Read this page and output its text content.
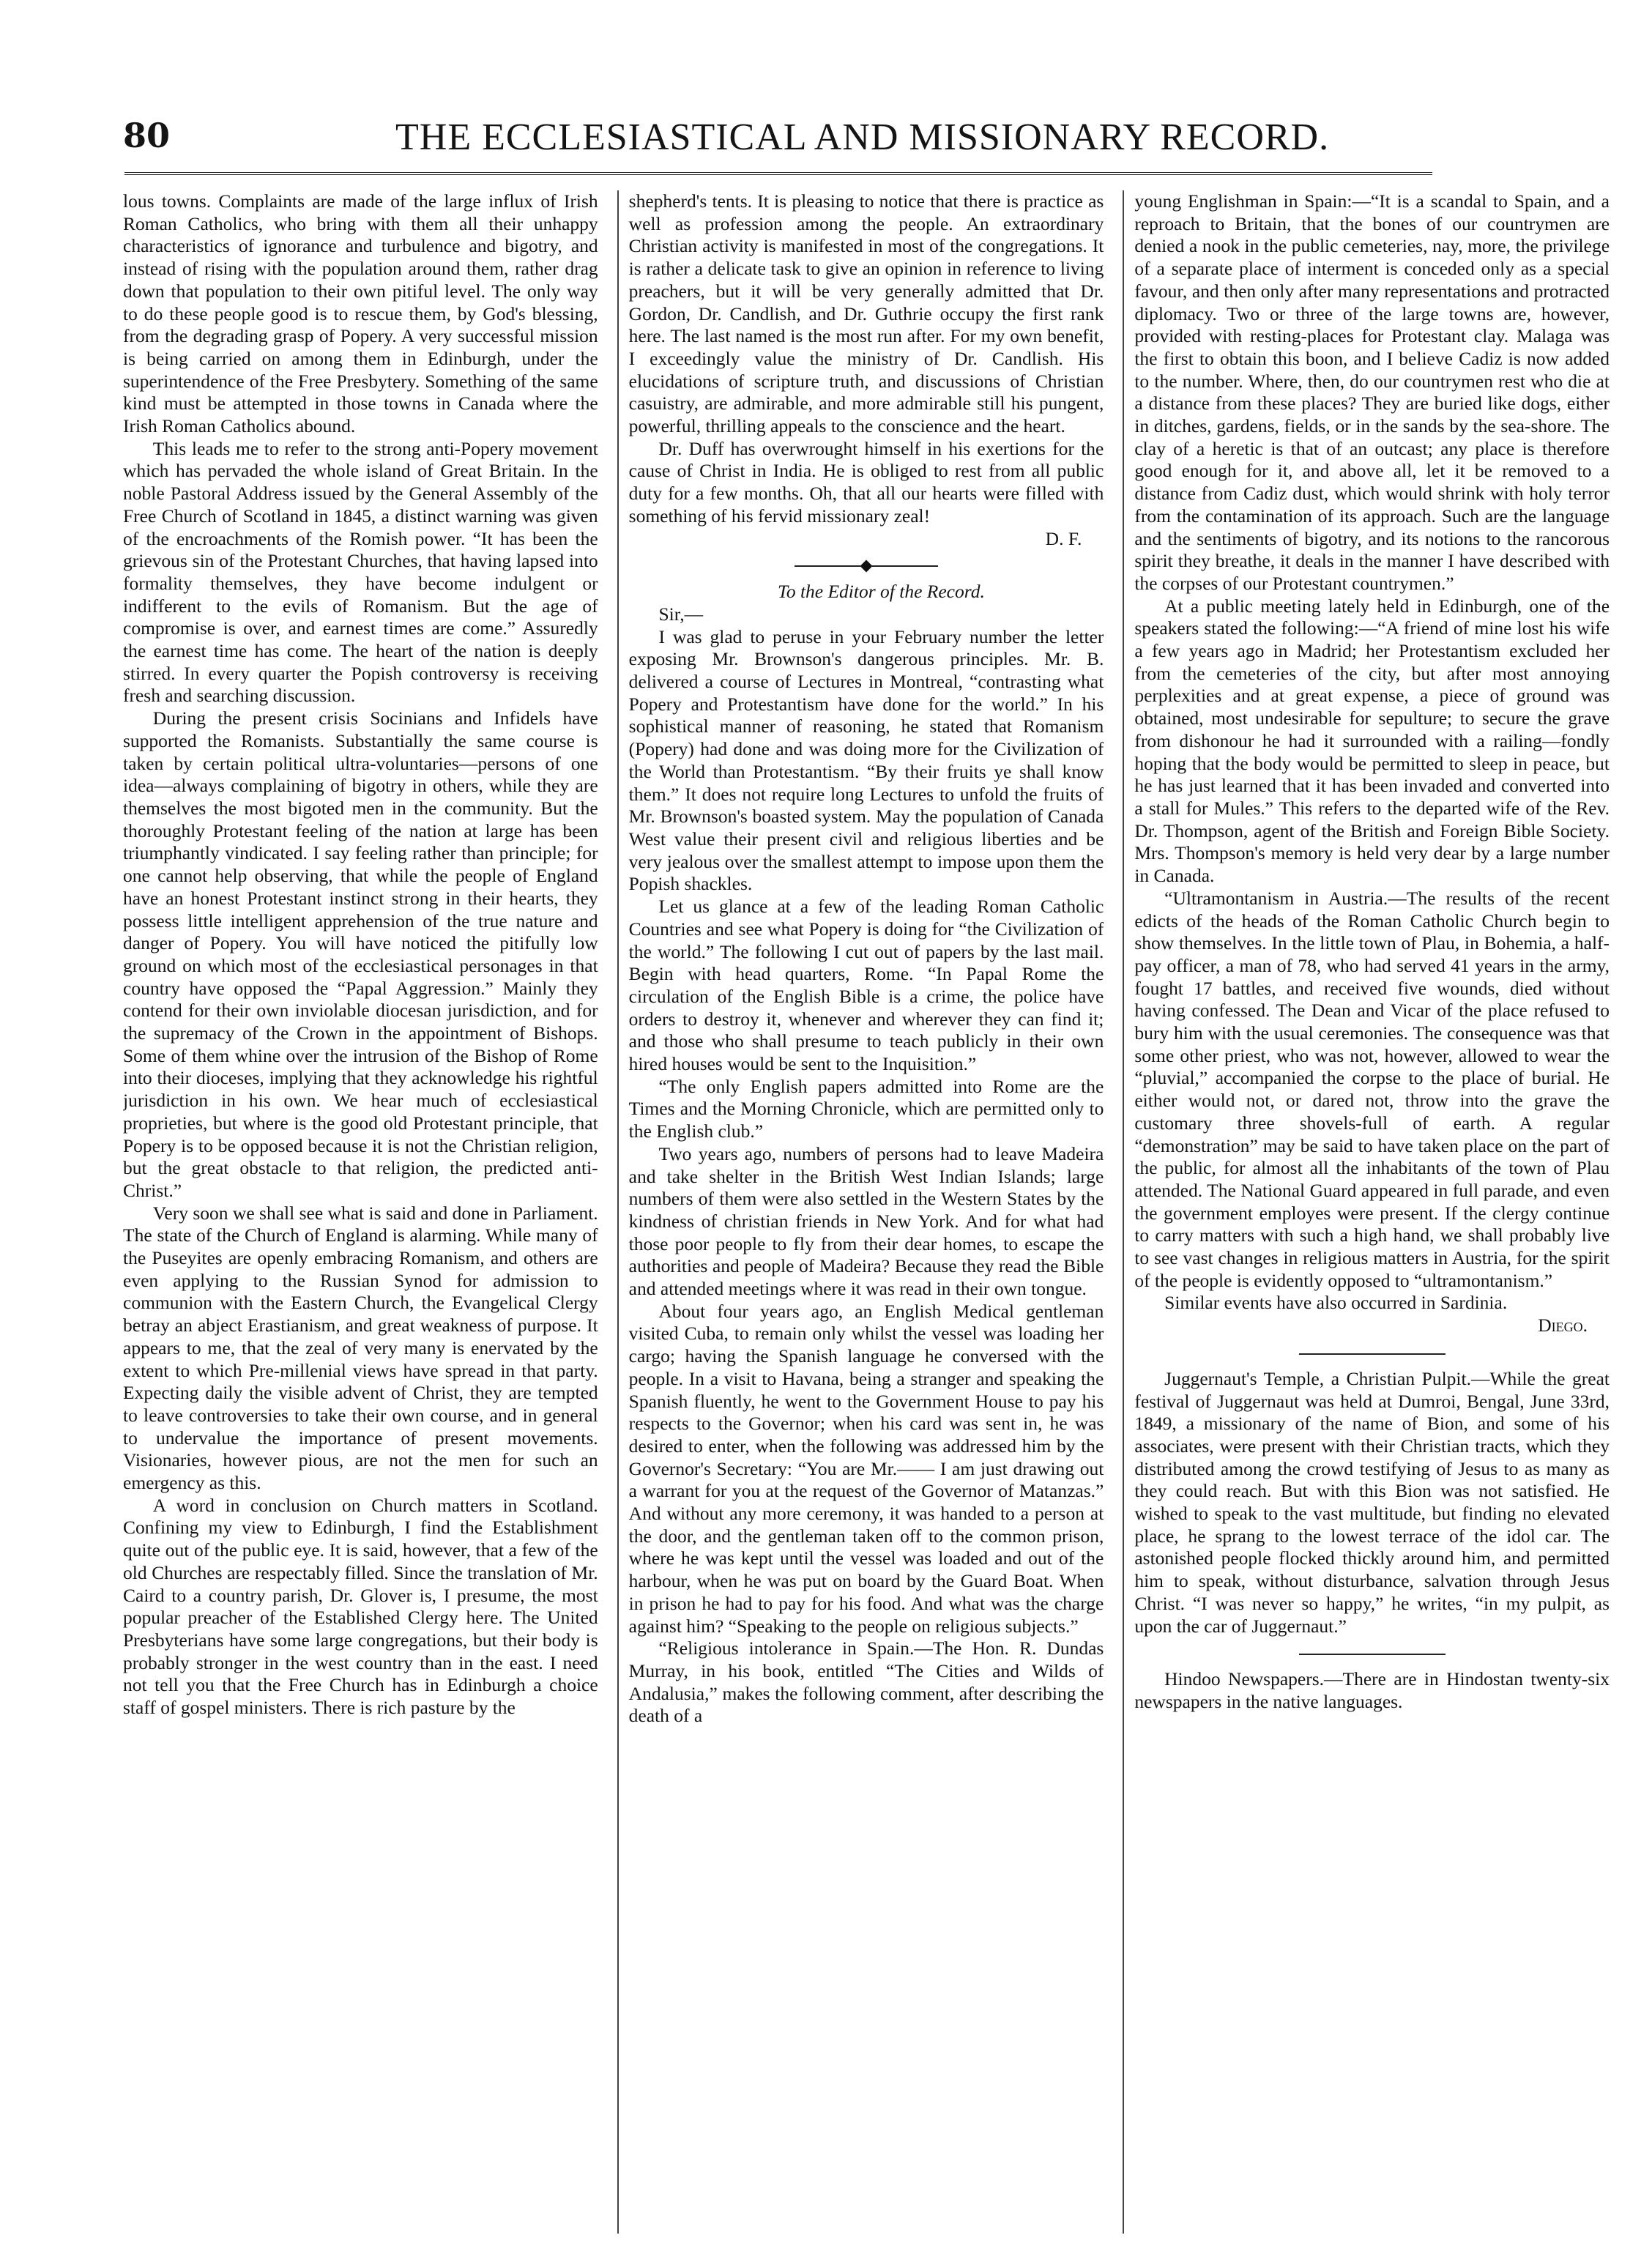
80	THE ECCLESIASTICAL AND MISSIONARY RECORD.

lous towns. Complaints are made of the large influx of Irish Roman Catholics, who bring with them all their unhappy characteristics of ignorance and turbulence and bigotry, and instead of rising with the population around them, rather drag down that population to their own pitiful level. The only way to do these people good is to rescue them, by God's blessing, from the degrading grasp of Popery. A very successful mission is being carried on among them in Edinburgh, under the superintendence of the Free Presbytery. Something of the same kind must be attempted in those towns in Canada where the Irish Roman Catholics abound.

This leads me to refer to the strong anti-Popery movement which has pervaded the whole island of Great Britain. In the noble Pastoral Address issued by the General Assembly of the Free Church of Scotland in 1845, a distinct warning was given of the encroachments of the Romish power. “It has been the grievous sin of the Protestant Churches, that having lapsed into formality themselves, they have become indulgent or indifferent to the evils of Romanism. But the age of compromise is over, and earnest times are come.” Assuredly the earnest time has come. The heart of the nation is deeply stirred. In every quarter the Popish controversy is receiving fresh and searching discussion.

During the present crisis Socinians and Infidels have supported the Romanists. Substantially the same course is taken by certain political ultra-voluntaries—persons of one idea—always complaining of bigotry in others, while they are themselves the most bigoted men in the community. But the thoroughly Protestant feeling of the nation at large has been triumphantly vindicated. I say feeling rather than principle; for one cannot help observing, that while the people of England have an honest Protestant instinct strong in their hearts, they possess little intelligent apprehension of the true nature and danger of Popery. You will have noticed the pitifully low ground on which most of the ecclesiastical personages in that country have opposed the “Papal Aggression.” Mainly they contend for their own inviolable diocesan jurisdiction, and for the supremacy of the Crown in the appointment of Bishops. Some of them whine over the intrusion of the Bishop of Rome into their dioceses, implying that they acknowledge his rightful jurisdiction in his own. We hear much of ecclesiastical proprieties, but where is the good old Protestant principle, that Popery is to be opposed because it is not the Christian religion, but the great obstacle to that religion, the predicted anti-Christ.”

Very soon we shall see what is said and done in Parliament. The state of the Church of England is alarming. While many of the Puseyites are openly embracing Romanism, and others are even applying to the Russian Synod for admission to communion with the Eastern Church, the Evangelical Clergy betray an abject Erastianism, and great weakness of purpose. It appears to me, that the zeal of very many is enervated by the extent to which Pre-millenial views have spread in that party. Expecting daily the visible advent of Christ, they are tempted to leave controversies to take their own course, and in general to undervalue the importance of present movements. Visionaries, however pious, are not the men for such an emergency as this.

A word in conclusion on Church matters in Scotland. Confining my view to Edinburgh, I find the Establishment quite out of the public eye. It is said, however, that a few of the old Churches are respectably filled. Since the translation of Mr. Caird to a country parish, Dr. Glover is, I presume, the most popular preacher of the Established Clergy here. The United Presbyterians have some large congregations, but their body is probably stronger in the west country than in the east. I need not tell you that the Free Church has in Edinburgh a choice staff of gospel ministers. There is rich pasture by the

shepherd's tents. It is pleasing to notice that there is practice as well as profession among the people. An extraordinary Christian activity is manifested in most of the congregations. It is rather a delicate task to give an opinion in reference to living preachers, but it will be very generally admitted that Dr. Gordon, Dr. Candlish, and Dr. Guthrie occupy the first rank here. The last named is the most run after. For my own benefit, I exceedingly value the ministry of Dr. Candlish. His elucidations of scripture truth, and discussions of Christian casuistry, are admirable, and more admirable still his pungent, powerful, thrilling appeals to the conscience and the heart.

Dr. Duff has overwrought himself in his exertions for the cause of Christ in India. He is obliged to rest from all public duty for a few months. Oh, that all our hearts were filled with something of his fervid missionary zeal!

D. F.

To the Editor of the Record.

Sir,—

I was glad to peruse in your February number the letter exposing Mr. Brownson's dangerous principles. Mr. B. delivered a course of Lectures in Montreal, “contrasting what Popery and Protestantism have done for the world.” In his sophistical manner of reasoning, he stated that Romanism (Popery) had done and was doing more for the Civilization of the World than Protestantism. “By their fruits ye shall know them.” It does not require long Lectures to unfold the fruits of Mr. Brownson's boasted system. May the population of Canada West value their present civil and religious liberties and be very jealous over the smallest attempt to impose upon them the Popish shackles.

Let us glance at a few of the leading Roman Catholic Countries and see what Popery is doing for “the Civilization of the world.” The following I cut out of papers by the last mail. Begin with head quarters, Rome. “In Papal Rome the circulation of the English Bible is a crime, the police have orders to destroy it, whenever and wherever they can find it; and those who shall presume to teach publicly in their own hired houses would be sent to the Inquisition.”

“The only English papers admitted into Rome are the Times and the Morning Chronicle, which are permitted only to the English club.”

Two years ago, numbers of persons had to leave Madeira and take shelter in the British West Indian Islands; large numbers of them were also settled in the Western States by the kindness of christian friends in New York. And for what had those poor people to fly from their dear homes, to escape the authorities and people of Madeira? Because they read the Bible and attended meetings where it was read in their own tongue.

About four years ago, an English Medical gentleman visited Cuba, to remain only whilst the vessel was loading her cargo; having the Spanish language he conversed with the people. In a visit to Havana, being a stranger and speaking the Spanish fluently, he went to the Government House to pay his respects to the Governor; when his card was sent in, he was desired to enter, when the following was addressed him by the Governor's Secretary: “You are Mr.—— I am just drawing out a warrant for you at the request of the Governor of Matanzas.” And without any more ceremony, it was handed to a person at the door, and the gentleman taken off to the common prison, where he was kept until the vessel was loaded and out of the harbour, when he was put on board by the Guard Boat. When in prison he had to pay for his food. And what was the charge against him? “Speaking to the people on religious subjects.”

“Religious intolerance in Spain.—The Hon. R. Dundas Murray, in his book, entitled “The Cities and Wilds of Andalusia,” makes the following comment, after describing the death of a

young Englishman in Spain:—“It is a scandal to Spain, and a reproach to Britain, that the bones of our countrymen are denied a nook in the public cemeteries, nay, more, the privilege of a separate place of interment is conceded only as a special favour, and then only after many representations and protracted diplomacy. Two or three of the large towns are, however, provided with resting-places for Protestant clay. Malaga was the first to obtain this boon, and I believe Cadiz is now added to the number. Where, then, do our countrymen rest who die at a distance from these places? They are buried like dogs, either in ditches, gardens, fields, or in the sands by the sea-shore. The clay of a heretic is that of an outcast; any place is therefore good enough for it, and above all, let it be removed to a distance from Cadiz dust, which would shrink with holy terror from the contamination of its approach. Such are the language and the sentiments of bigotry, and its notions to the rancorous spirit they breathe, it deals in the manner I have described with the corpses of our Protestant countrymen.”

At a public meeting lately held in Edinburgh, one of the speakers stated the following:—“A friend of mine lost his wife a few years ago in Madrid; her Protestantism excluded her from the cemeteries of the city, but after most annoying perplexities and at great expense, a piece of ground was obtained, most undesirable for sepulture; to secure the grave from dishonour he had it surrounded with a railing—fondly hoping that the body would be permitted to sleep in peace, but he has just learned that it has been invaded and converted into a stall for Mules.” This refers to the departed wife of the Rev. Dr. Thompson, agent of the British and Foreign Bible Society. Mrs. Thompson's memory is held very dear by a large number in Canada.

“Ultramontanism in Austria.—The results of the recent edicts of the heads of the Roman Catholic Church begin to show themselves. In the little town of Plau, in Bohemia, a half-pay officer, a man of 78, who had served 41 years in the army, fought 17 battles, and received five wounds, died without having confessed. The Dean and Vicar of the place refused to bury him with the usual ceremonies. The consequence was that some other priest, who was not, however, allowed to wear the “pluvial,” accompanied the corpse to the place of burial. He either would not, or dared not, throw into the grave the customary three shovels-full of earth. A regular “demonstration” may be said to have taken place on the part of the public, for almost all the inhabitants of the town of Plau attended. The National Guard appeared in full parade, and even the government employes were present. If the clergy continue to carry matters with such a high hand, we shall probably live to see vast changes in religious matters in Austria, for the spirit of the people is evidently opposed to “ultramontanism.”

Similar events have also occurred in Sardinia.

Diego.

Juggernaut's Temple, a Christian Pulpit.—While the great festival of Juggernaut was held at Dumroi, Bengal, June 33rd, 1849, a missionary of the name of Bion, and some of his associates, were present with their Christian tracts, which they distributed among the crowd testifying of Jesus to as many as they could reach. But with this Bion was not satisfied. He wished to speak to the vast multitude, but finding no elevated place, he sprang to the lowest terrace of the idol car. The astonished people flocked thickly around him, and permitted him to speak, without disturbance, salvation through Jesus Christ. “I was never so happy,” he writes, “in my pulpit, as upon the car of Juggernaut.”

Hindoo Newspapers.—There are in Hindostan twenty-six newspapers in the native languages.
